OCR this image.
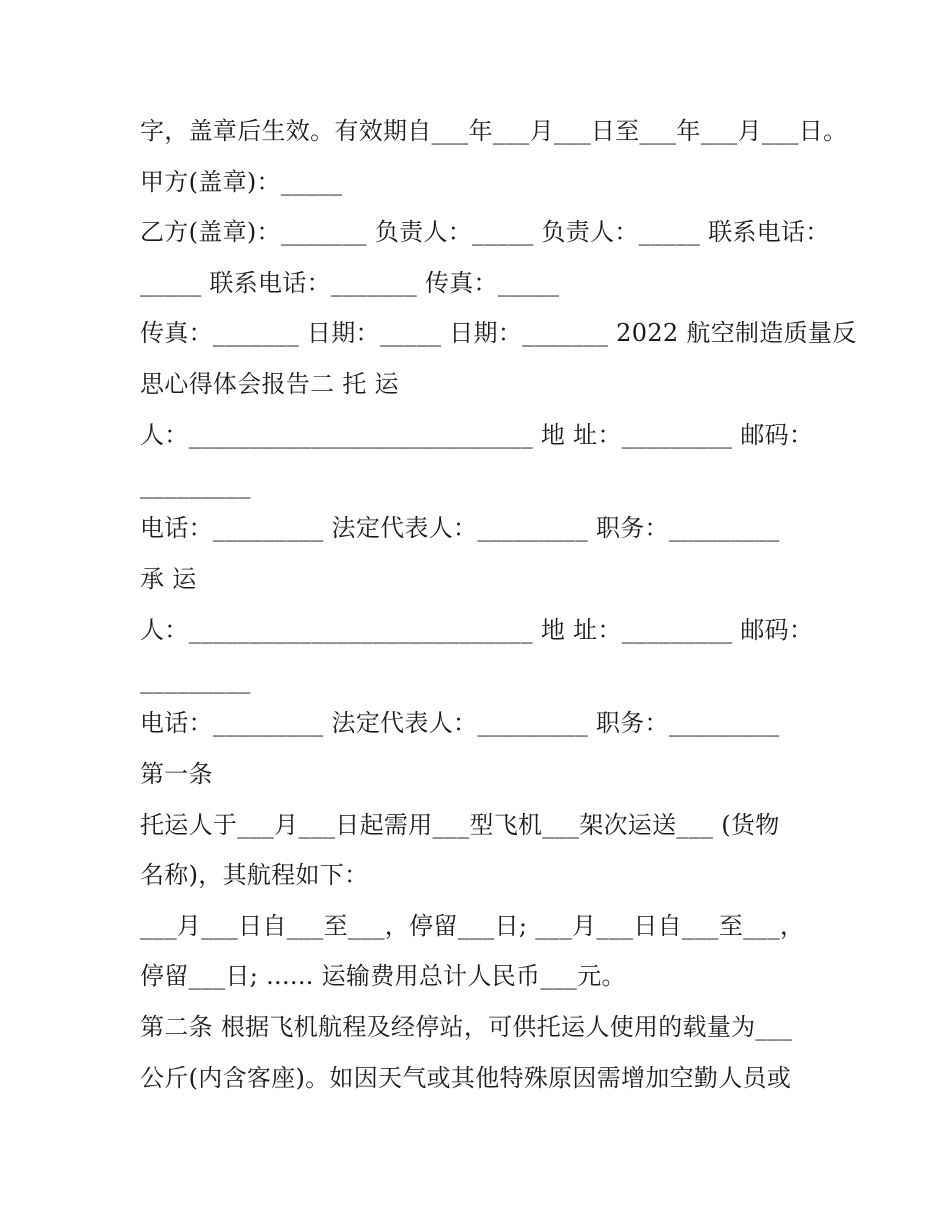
字，盖章后生效。有效期自___年___月___日至___年___月___日。
甲方(盖章)：_____
乙方(盖章)：_______ 负责人：_____ 负责人：_____ 联系电话：
_____ 联系电话：_______ 传真：_____
传真：_______ 日期：_____ 日期：_______ 2022 航空制造质量反
思心得体会报告二 托 运
人：____________________________ 地 址：_________ 邮码：
_________
电话：_________ 法定代表人：_________ 职务：_________
承 运
人：____________________________ 地 址：_________ 邮码：
_________
电话：_________ 法定代表人：_________ 职务：_________
第一条
托运人于___月___日起需用___型飞机___架次运送___ (货物
名称)，其航程如下：
___月___日自___至___，停留___日; ___月___日自___至___，
停留___日; ...... 运输费用总计人民币___元。
第二条 根据飞机航程及经停站，可供托运人使用的载量为___
公斤(内含客座)。如因天气或其他特殊原因需增加空勤人员或
